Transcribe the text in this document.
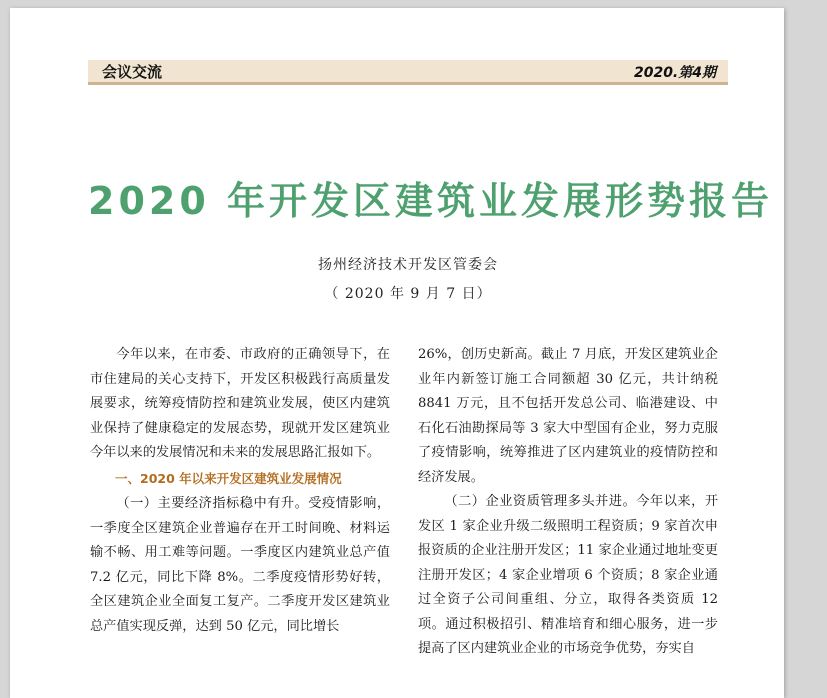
会议交流	2020.第4期
2020 年开发区建筑业发展形势报告
扬州经济技术开发区管委会
（ 2020 年 9 月 7 日）

今年以来，在市委、市政府的正确领导下，在市住建局的关心支持下，开发区积极践行高质量发展要求，统筹疫情防控和建筑业发展，使区内建筑业保持了健康稳定的发展态势，现就开发区建筑业今年以来的发展情况和未来的发展思路汇报如下。

一、2020 年以来开发区建筑业发展情况

（一）主要经济指标稳中有升。受疫情影响，一季度全区建筑企业普遍存在开工时间晚、材料运输不畅、用工难等问题。一季度区内建筑业总产值 7.2 亿元，同比下降 8%。二季度疫情形势好转，全区建筑企业全面复工复产。二季度开发区建筑业总产值实现反弹，达到 50 亿元，同比增长

26%，创历史新高。截止 7 月底，开发区建筑业企业年内新签订施工合同额超 30 亿元，共计纳税 8841 万元，且不包括开发总公司、临港建设、中石化石油勘探局等 3 家大中型国有企业，努力克服了疫情影响，统筹推进了区内建筑业的疫情防控和经济发展。

（二）企业资质管理多头并进。今年以来，开发区 1 家企业升级二级照明工程资质；9 家首次申报资质的企业注册开发区；11 家企业通过地址变更注册开发区；4 家企业增项 6 个资质；8 家企业通过全资子公司间重组、分立，取得各类资质 12 项。通过积极招引、精准培育和细心服务，进一步提高了区内建筑业企业的市场竞争优势，夯实自
